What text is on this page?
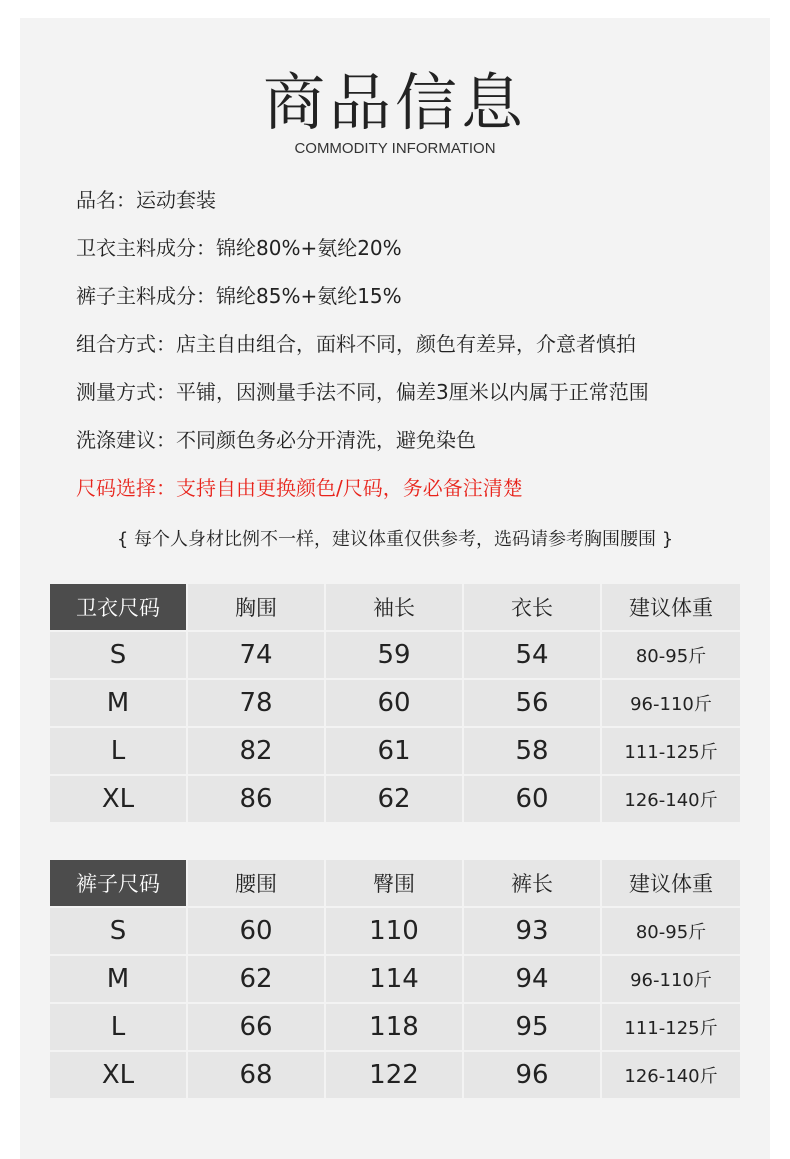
商品信息
COMMODITY INFORMATION
品名：运动套装
卫衣主料成分：锦纶80%+氨纶20%
裤子主料成分：锦纶85%+氨纶15%
组合方式：店主自由组合，面料不同，颜色有差异，介意者慎拍
测量方式：平铺，因测量手法不同，偏差3厘米以内属于正常范围
洗涤建议：不同颜色务必分开清洗，避免染色
尺码选择：支持自由更换颜色/尺码，务必备注清楚
{ 每个人身材比例不一样，建议体重仅供参考，选码请参考胸围腰围 }
卫衣尺码	胸围	袖长	衣长	建议体重
S	74	59	54	80-95斤
M	78	60	56	96-110斤
L	82	61	58	111-125斤
XL	86	62	60	126-140斤
裤子尺码	腰围	臀围	裤长	建议体重
S	60	110	93	80-95斤
M	62	114	94	96-110斤
L	66	118	95	111-125斤
XL	68	122	96	126-140斤
